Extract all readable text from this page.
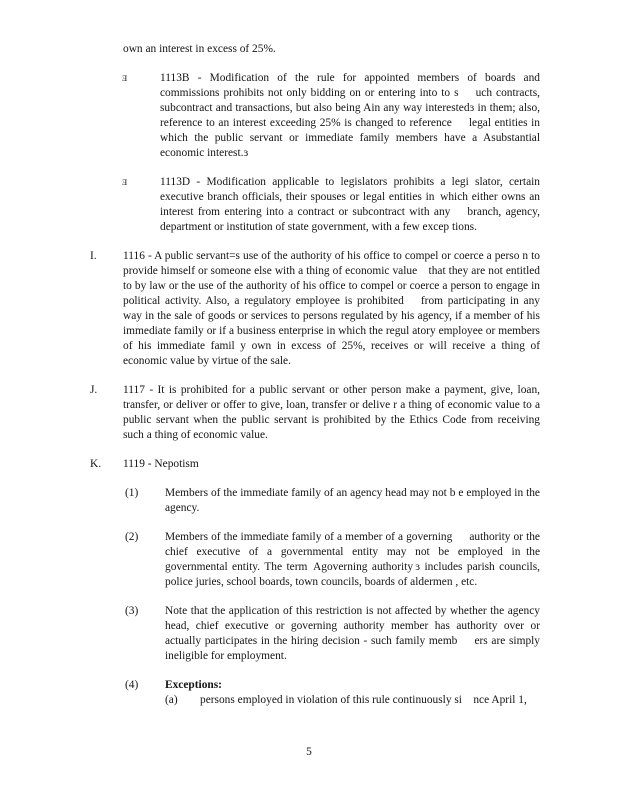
own an interest in excess of 25%.

Ǝ	1113B - Modification of the rule for appointed members of boards and commissions prohibits not only bidding on or entering into to s  uch contracts, subcontract and transactions, but also being Ain any way interestedɜ in them; also, reference to an interest exceeding 25% is changed to reference  legal entities in which the public servant or immediate family members have a Asubstantial economic interest.ɜ
Ǝ	1113D - Modification applicable to legislators prohibits a legi slator, certain executive branch officials, their spouses or legal entities in which either owns an interest from entering into a contract or subcontract with any  branch, agency, department or institution of state government, with a few excep tions.
I.	1116 - A public servant=s use of the authority of his office to compel or coerce a perso n to provide himself or someone else with a thing of economic value that they are not entitled to by law or the use of the authority of his office to compel or coerce a person to engage in political activity. Also, a regulatory employee is prohibited  from participating in any way in the sale of goods or services to persons regulated by his agency, if a member of his immediate family or if a business enterprise in which the regul atory employee or members of his immediate famil y own in excess of 25%, receives or will receive a thing of economic value by virtue of the sale.
J.	1117 - It is prohibited for a public servant or other person make a payment, give, loan, transfer, or deliver or offer to give, loan, transfer or delive r a thing of economic value to a public servant when the public servant is prohibited by the Ethics Code from receiving such a thing of economic value.
K.	1119 - Nepotism
(1)	Members of the immediate family of an agency head may not b e employed in the agency.
(2)	Members of the immediate family of a member of a governing  authority or the chief executive of a governmental entity may not be employed in the governmental entity. The term Agoverning authority ɜ includes parish councils, police juries, school boards, town councils, boards of aldermen , etc.
(3)	Note that the application of this restriction is not affected by whether the agency head, chief executive or governing authority member has authority over or actually participates in the hiring decision - such family memb  ers are simply ineligible for employment.
(4)	Exceptions:
(a)	persons employed in violation of this rule continuously si nce April 1,
5
